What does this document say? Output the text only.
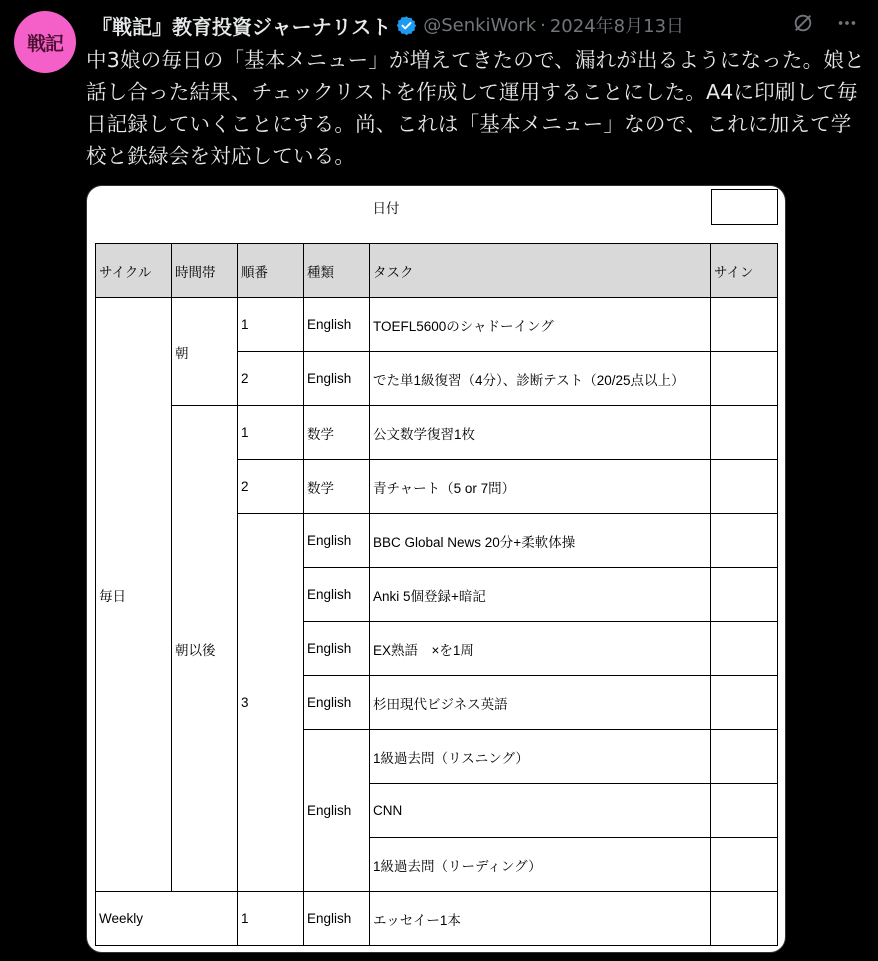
戦記
『戦記』教育投資ジャーナリスト @SenkiWork · 2024年8月13日
中3娘の毎日の「基本メニュー」が増えてきたので、漏れが出るようになった。娘と話し合った結果、チェックリストを作成して運用することにした。A4に印刷して毎日記録していくことにする。尚、これは「基本メニュー」なので、これに加えて学校と鉄緑会を対応している。
				日付	

サイクル	時間帯	順番	種類	タスク	サイン
毎日	朝	1	English	TOEFL5600のシャドーイング	
		2	English	でた単1級復習（4分）、診断テスト（20/25点以上）	
	朝以後	1	数学	公文数学復習1枚	
		2	数学	青チャート（5 or 7問）	
		3	English	BBC Global News 20分+柔軟体操	
			English	Anki 5個登録+暗記	
			English	EX熟語　×を1周	
			English	杉田現代ビジネス英語	
			English	1級過去問（リスニング）	
				CNN	
				1級過去問（リーディング）	
Weekly		1	English	エッセイー1本	
